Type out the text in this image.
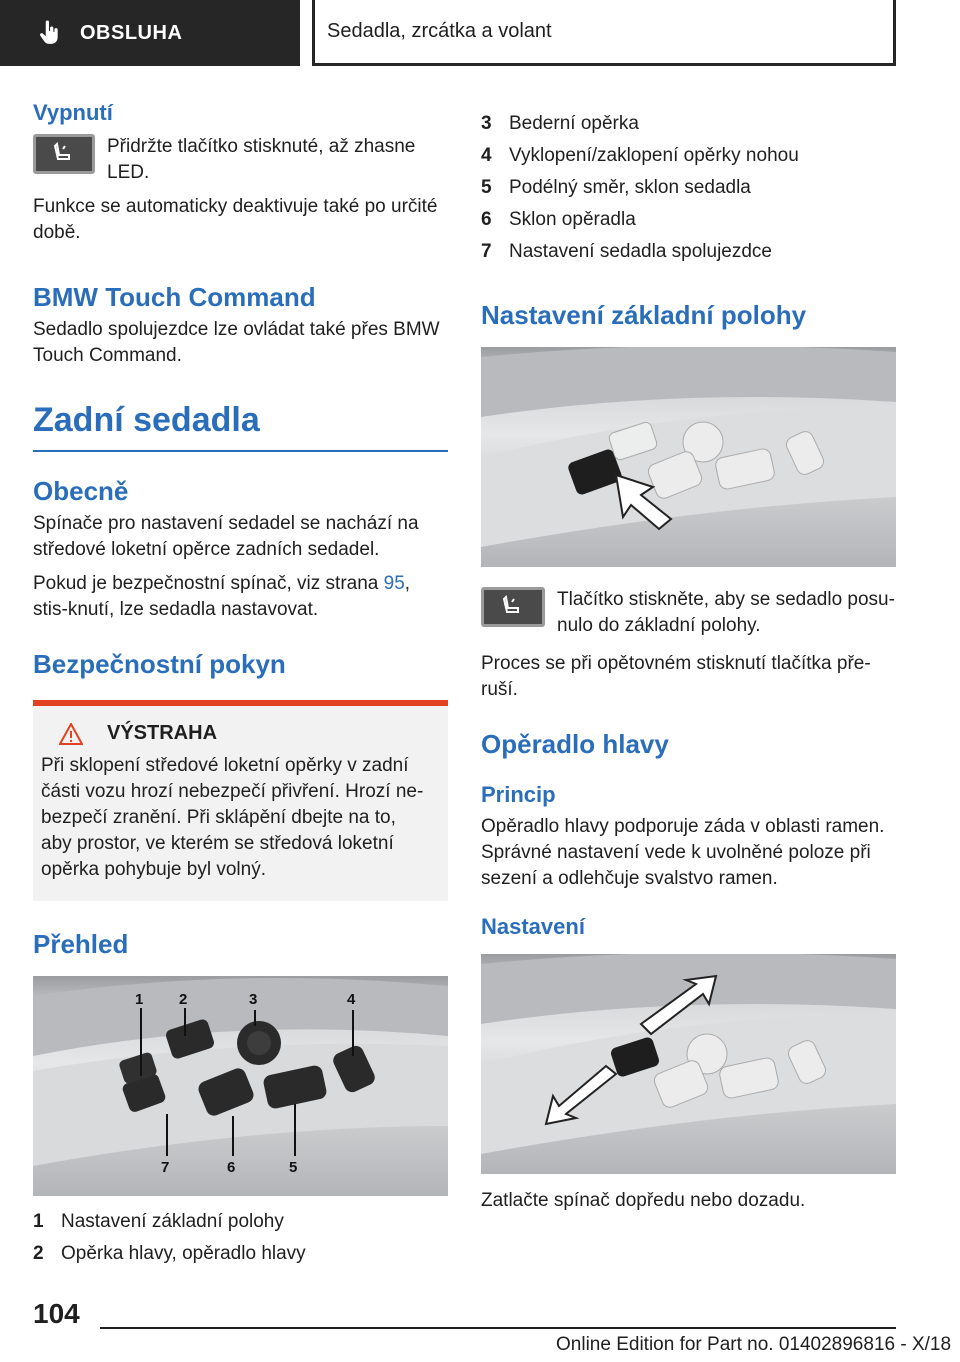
OBSLUHA	Sedadla, zrcátka a volant
Vypnutí

Přidržte tlačítko stisknuté, až zhasne LED.

Funkce se automaticky deaktivuje také po určité době.

BMW Touch Command

Sedadlo spolujezdce lze ovládat také přes BMW Touch Command.

Zadní sedadla
Obecně

Spínače pro nastavení sedadel se nachází na středové loketní opěrce zadních sedadel.

Pokud je bezpečnostní spínač, viz strana 95, stis-knutí, lze sedadla nastavovat.

Bezpečnostní pokyn
VÝSTRAHA

Při sklopení středové loketní opěrky v zadní části vozu hrozí nebezpečí přivření. Hrozí ne-bezpečí zranění. Při sklápění dbejte na to, aby prostor, ve kterém se středová loketní opěrka pohybuje byl volný.

Přehled
1 2	3	4
7	6	5
1 Nastavení základní polohy
2 Opěrka hlavy, opěradlo hlavy
3 Bederní opěrka
4 Vyklopení/zaklopení opěrky nohou
5 Podélný směr, sklon sedadla
6 Sklon opěradla
7 Nastavení sedadla spolujezdce
Nastavení základní polohy

Tlačítko stiskněte, aby se sedadlo posu-nulo do základní polohy.

Proces se při opětovném stisknutí tlačítka pře-ruší.

Opěradlo hlavy
Princip

Opěradlo hlavy podporuje záda v oblasti ramen. Správné nastavení vede k uvolněné poloze při sezení a odlehčuje svalstvo ramen.

Nastavení

Zatlačte spínač dopředu nebo dozadu.

104
Online Edition for Part no. 01402896816 - X/18
